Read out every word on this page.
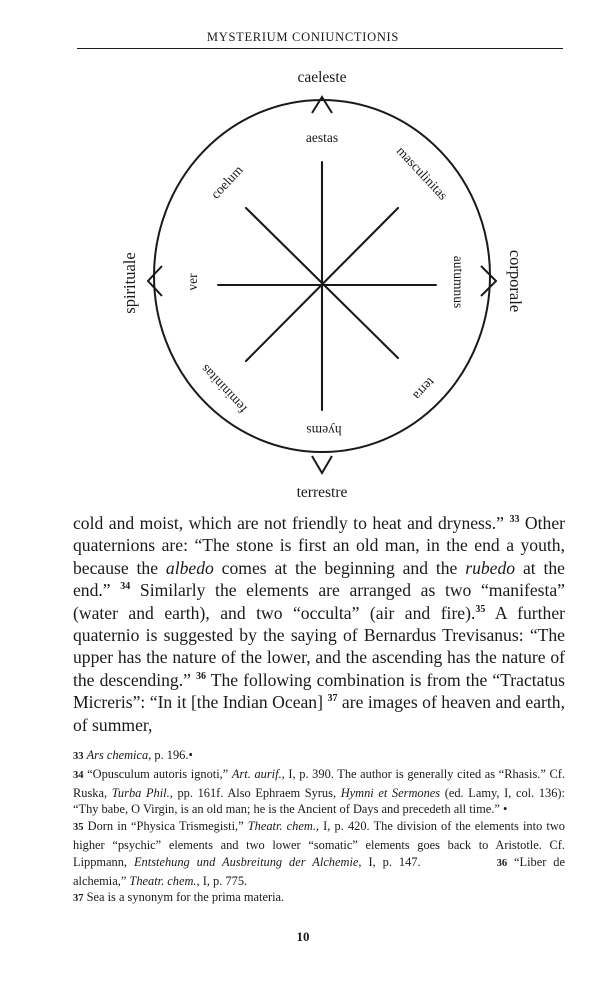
MYSTERIUM CONIUNCTIONIS
caeleste
terrestre
spirituale	corporale
aestas
hyems
ver	autumnus
coelum	masculinitas
femininitas	terra

cold and moist, which are not friendly to heat and dryness.” $^{33}$ Other quaternions are: “The stone is first an old man, in the end a youth, because the albedo comes at the beginning and the rubedo at the end.” $^{34}$ Similarly the elements are arranged as two “manifesta” (water and earth), and two “occulta” (air and fire).$^{35}$ A further quaternio is suggested by the saying of Bernardus Trevisanus: “The upper has the nature of the lower, and the ascending has the nature of the descending.” $^{36}$ The following combination is from the “Tractatus Micreris”: “In it [the Indian Ocean] $^{37}$ are images of heaven and earth, of summer,

33 Ars chemica, p. 196.•

34 “Opusculum autoris ignoti,” Art. aurif., I, p. 390. The author is generally cited as “Rhasis.” Cf. Ruska, Turba Phil., pp. 161f. Also Ephraem Syrus, Hymni et Sermones (ed. Lamy, I, col. 136): “Thy babe, O Virgin, is an old man; he is the Ancient of Days and precedeth all time.” •

35 Dorn in “Physica Trismegisti,” Theatr. chem., I, p. 420. The division of the elements into two higher “psychic” elements and two lower “somatic” elements goes back to Aristotle. Cf. Lippmann, Entstehung und Ausbreitung der Alchemie, I, p. 147.	36 “Liber de alchemia,” Theatr. chem., I, p. 775.

37 Sea is a synonym for the prima materia.

10
